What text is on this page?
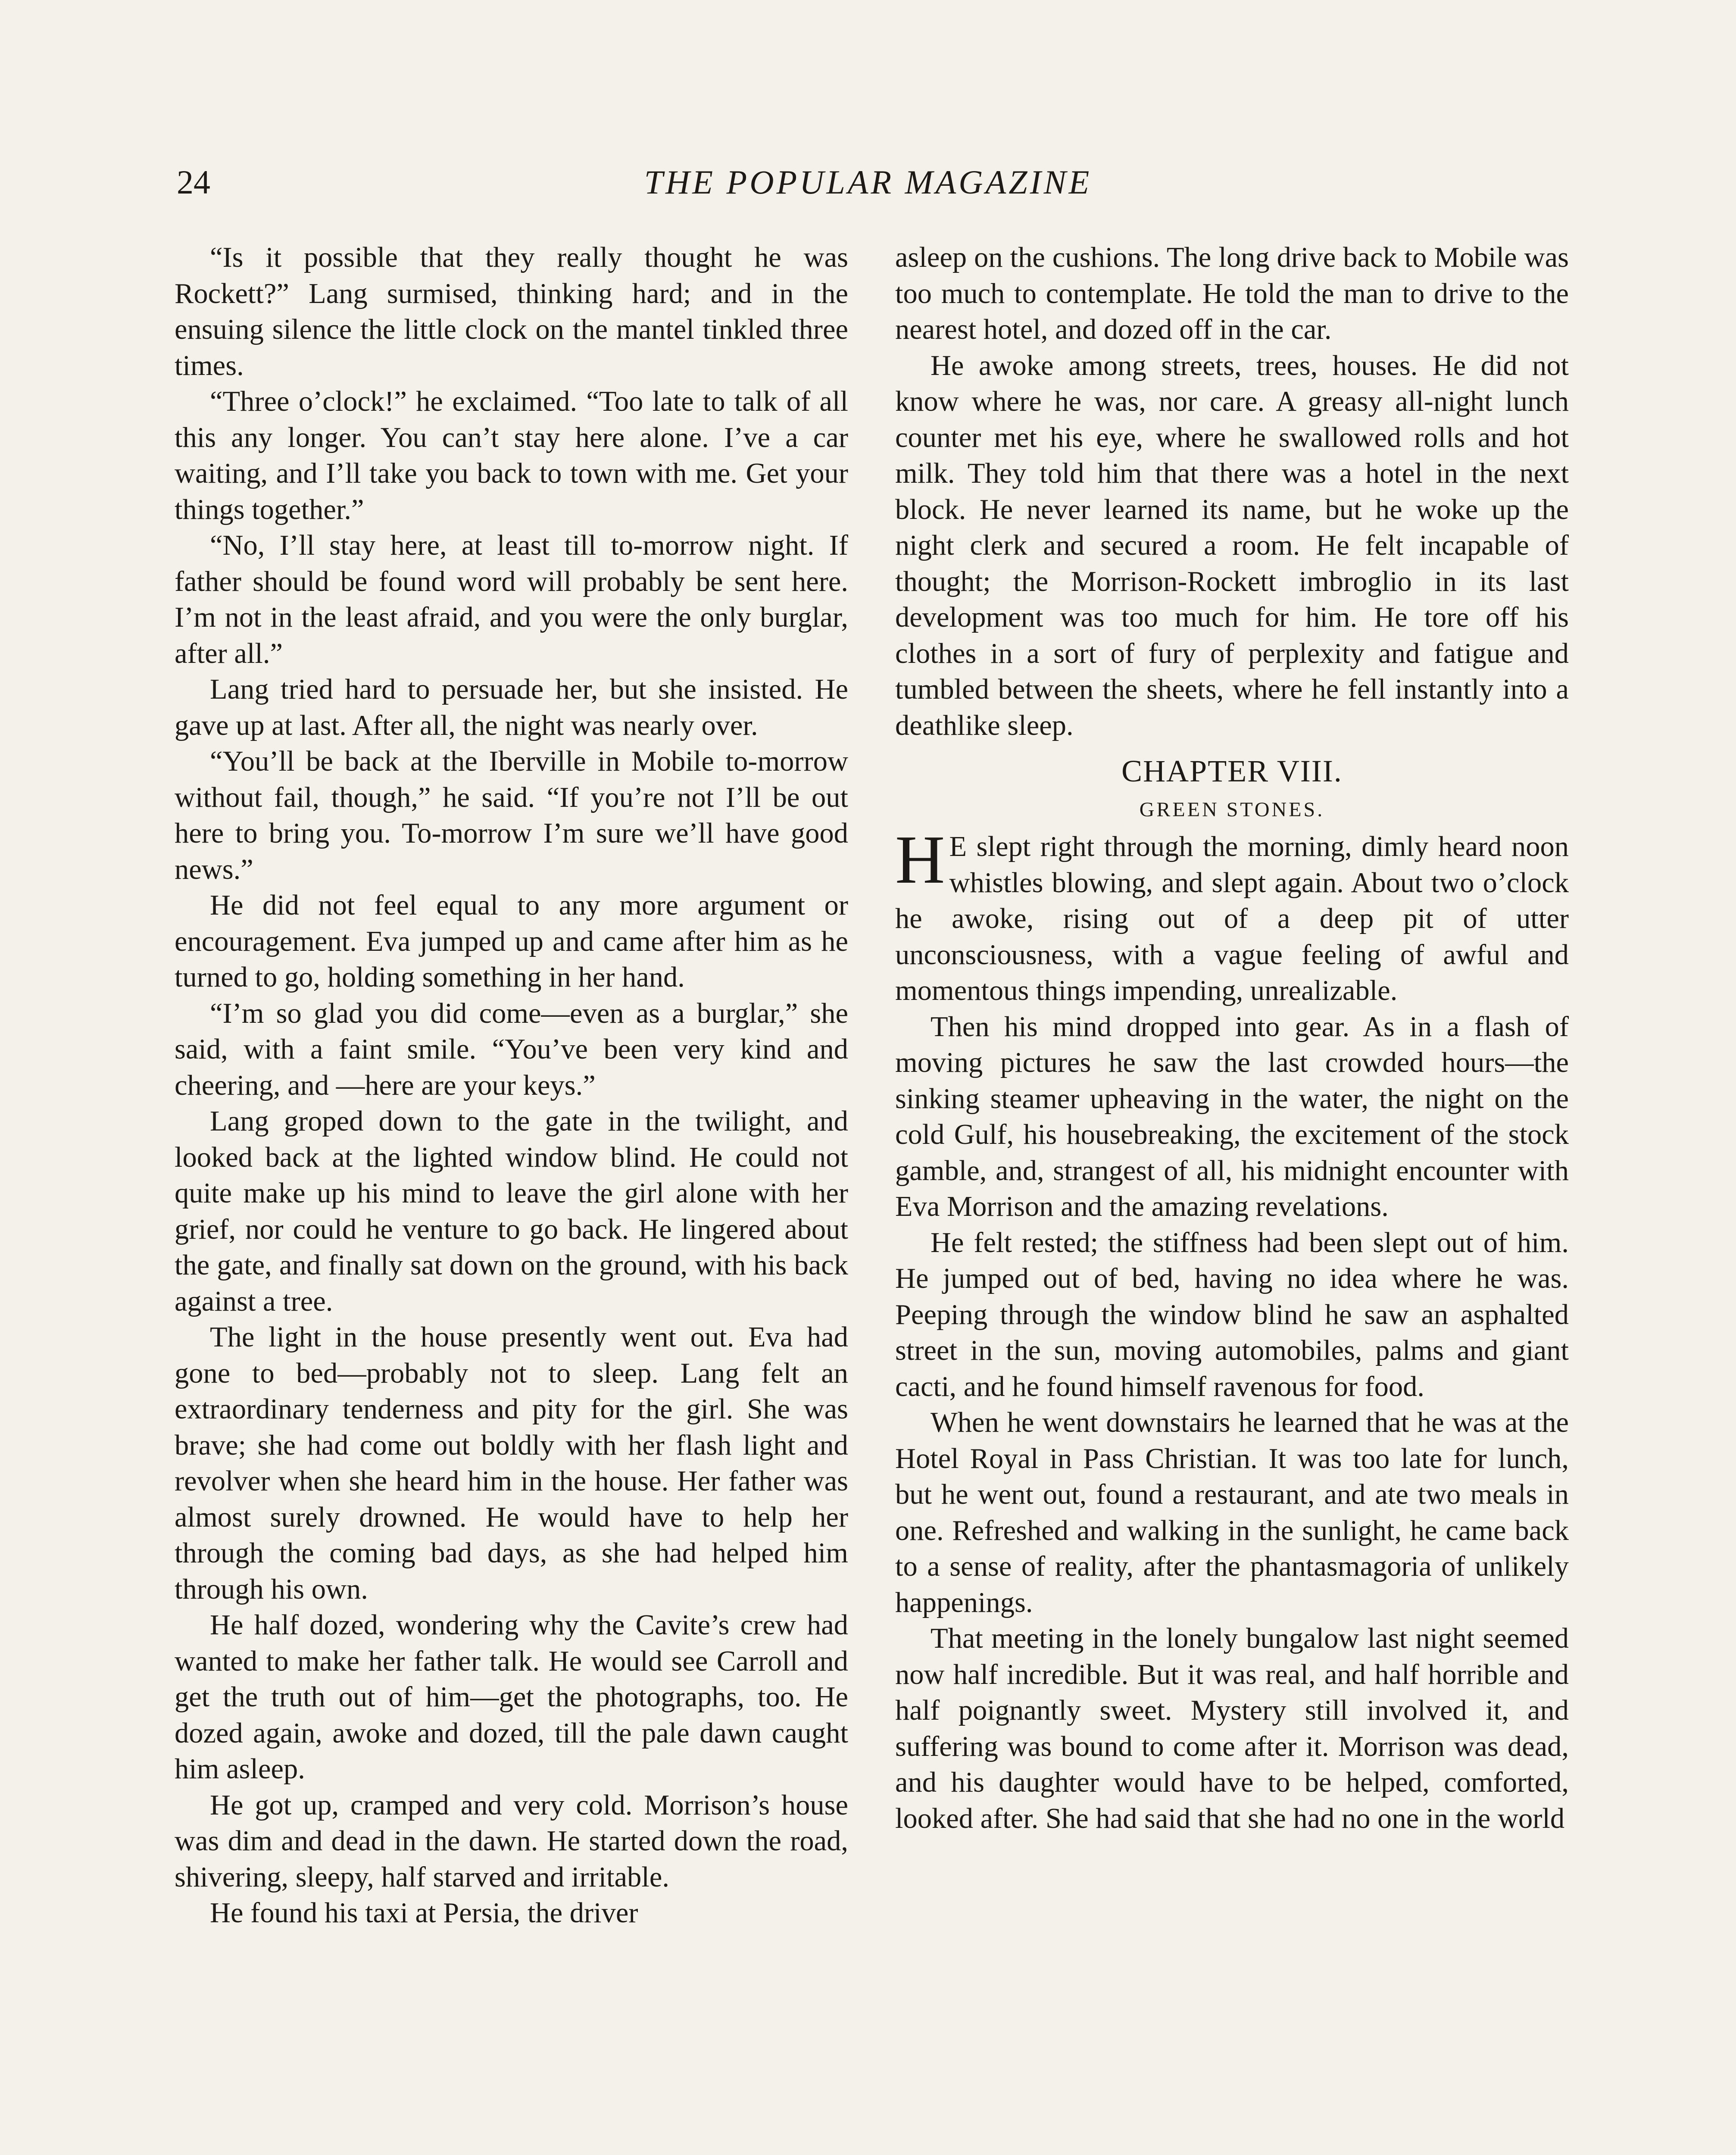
24	THE POPULAR MAGAZINE

“Is it possible that they really thought he was Rockett?” Lang surmised, thinking hard; and in the ensuing silence the little clock on the mantel tinkled three times.

“Three o’clock!” he exclaimed. “Too late to talk of all this any longer. You can’t stay here alone. I’ve a car waiting, and I’ll take you back to town with me. Get your things together.”

“No, I’ll stay here, at least till to-morrow night. If father should be found word will probably be sent here. I’m not in the least afraid, and you were the only burglar, after all.”

Lang tried hard to persuade her, but she insisted. He gave up at last. After all, the night was nearly over.

“You’ll be back at the Iberville in Mobile to-morrow without fail, though,” he said. “If you’re not I’ll be out here to bring you. To-morrow I’m sure we’ll have good news.”

He did not feel equal to any more argument or encouragement. Eva jumped up and came after him as he turned to go, holding something in her hand.

“I’m so glad you did come—even as a burglar,” she said, with a faint smile. “You’ve been very kind and cheering, and —here are your keys.”

Lang groped down to the gate in the twilight, and looked back at the lighted window blind. He could not quite make up his mind to leave the girl alone with her grief, nor could he venture to go back. He lingered about the gate, and finally sat down on the ground, with his back against a tree.

The light in the house presently went out. Eva had gone to bed—probably not to sleep. Lang felt an extraordinary tenderness and pity for the girl. She was brave; she had come out boldly with her flash light and revolver when she heard him in the house. Her father was almost surely drowned. He would have to help her through the coming bad days, as she had helped him through his own.

He half dozed, wondering why the Cavite’s crew had wanted to make her father talk. He would see Carroll and get the truth out of him—get the photographs, too. He dozed again, awoke and dozed, till the pale dawn caught him asleep.

He got up, cramped and very cold. Morrison’s house was dim and dead in the dawn. He started down the road, shivering, sleepy, half starved and irritable.

He found his taxi at Persia, the driver

asleep on the cushions. The long drive back to Mobile was too much to contemplate. He told the man to drive to the nearest hotel, and dozed off in the car.

He awoke among streets, trees, houses. He did not know where he was, nor care. A greasy all-night lunch counter met his eye, where he swallowed rolls and hot milk. They told him that there was a hotel in the next block. He never learned its name, but he woke up the night clerk and secured a room. He felt incapable of thought; the Morrison-Rockett imbroglio in its last development was too much for him. He tore off his clothes in a sort of fury of perplexity and fatigue and tumbled between the sheets, where he fell instantly into a deathlike sleep.

CHAPTER VIII.
GREEN STONES.

H E slept right through the morning, dimly heard noon whistles blowing, and slept again. About two o’clock he awoke, rising out of a deep pit of utter unconsciousness, with a vague feeling of awful and momentous things impending, unrealizable.

Then his mind dropped into gear. As in a flash of moving pictures he saw the last crowded hours—the sinking steamer upheaving in the water, the night on the cold Gulf, his housebreaking, the excitement of the stock gamble, and, strangest of all, his midnight encounter with Eva Morrison and the amazing revelations.

He felt rested; the stiffness had been slept out of him. He jumped out of bed, having no idea where he was. Peeping through the window blind he saw an asphalted street in the sun, moving automobiles, palms and giant cacti, and he found himself ravenous for food.

When he went downstairs he learned that he was at the Hotel Royal in Pass Christian. It was too late for lunch, but he went out, found a restaurant, and ate two meals in one. Refreshed and walking in the sunlight, he came back to a sense of reality, after the phantasmagoria of unlikely happenings.

That meeting in the lonely bungalow last night seemed now half incredible. But it was real, and half horrible and half poignantly sweet. Mystery still involved it, and suffering was bound to come after it. Morrison was dead, and his daughter would have to be helped, comforted, looked after. She had said that she had no one in the world
